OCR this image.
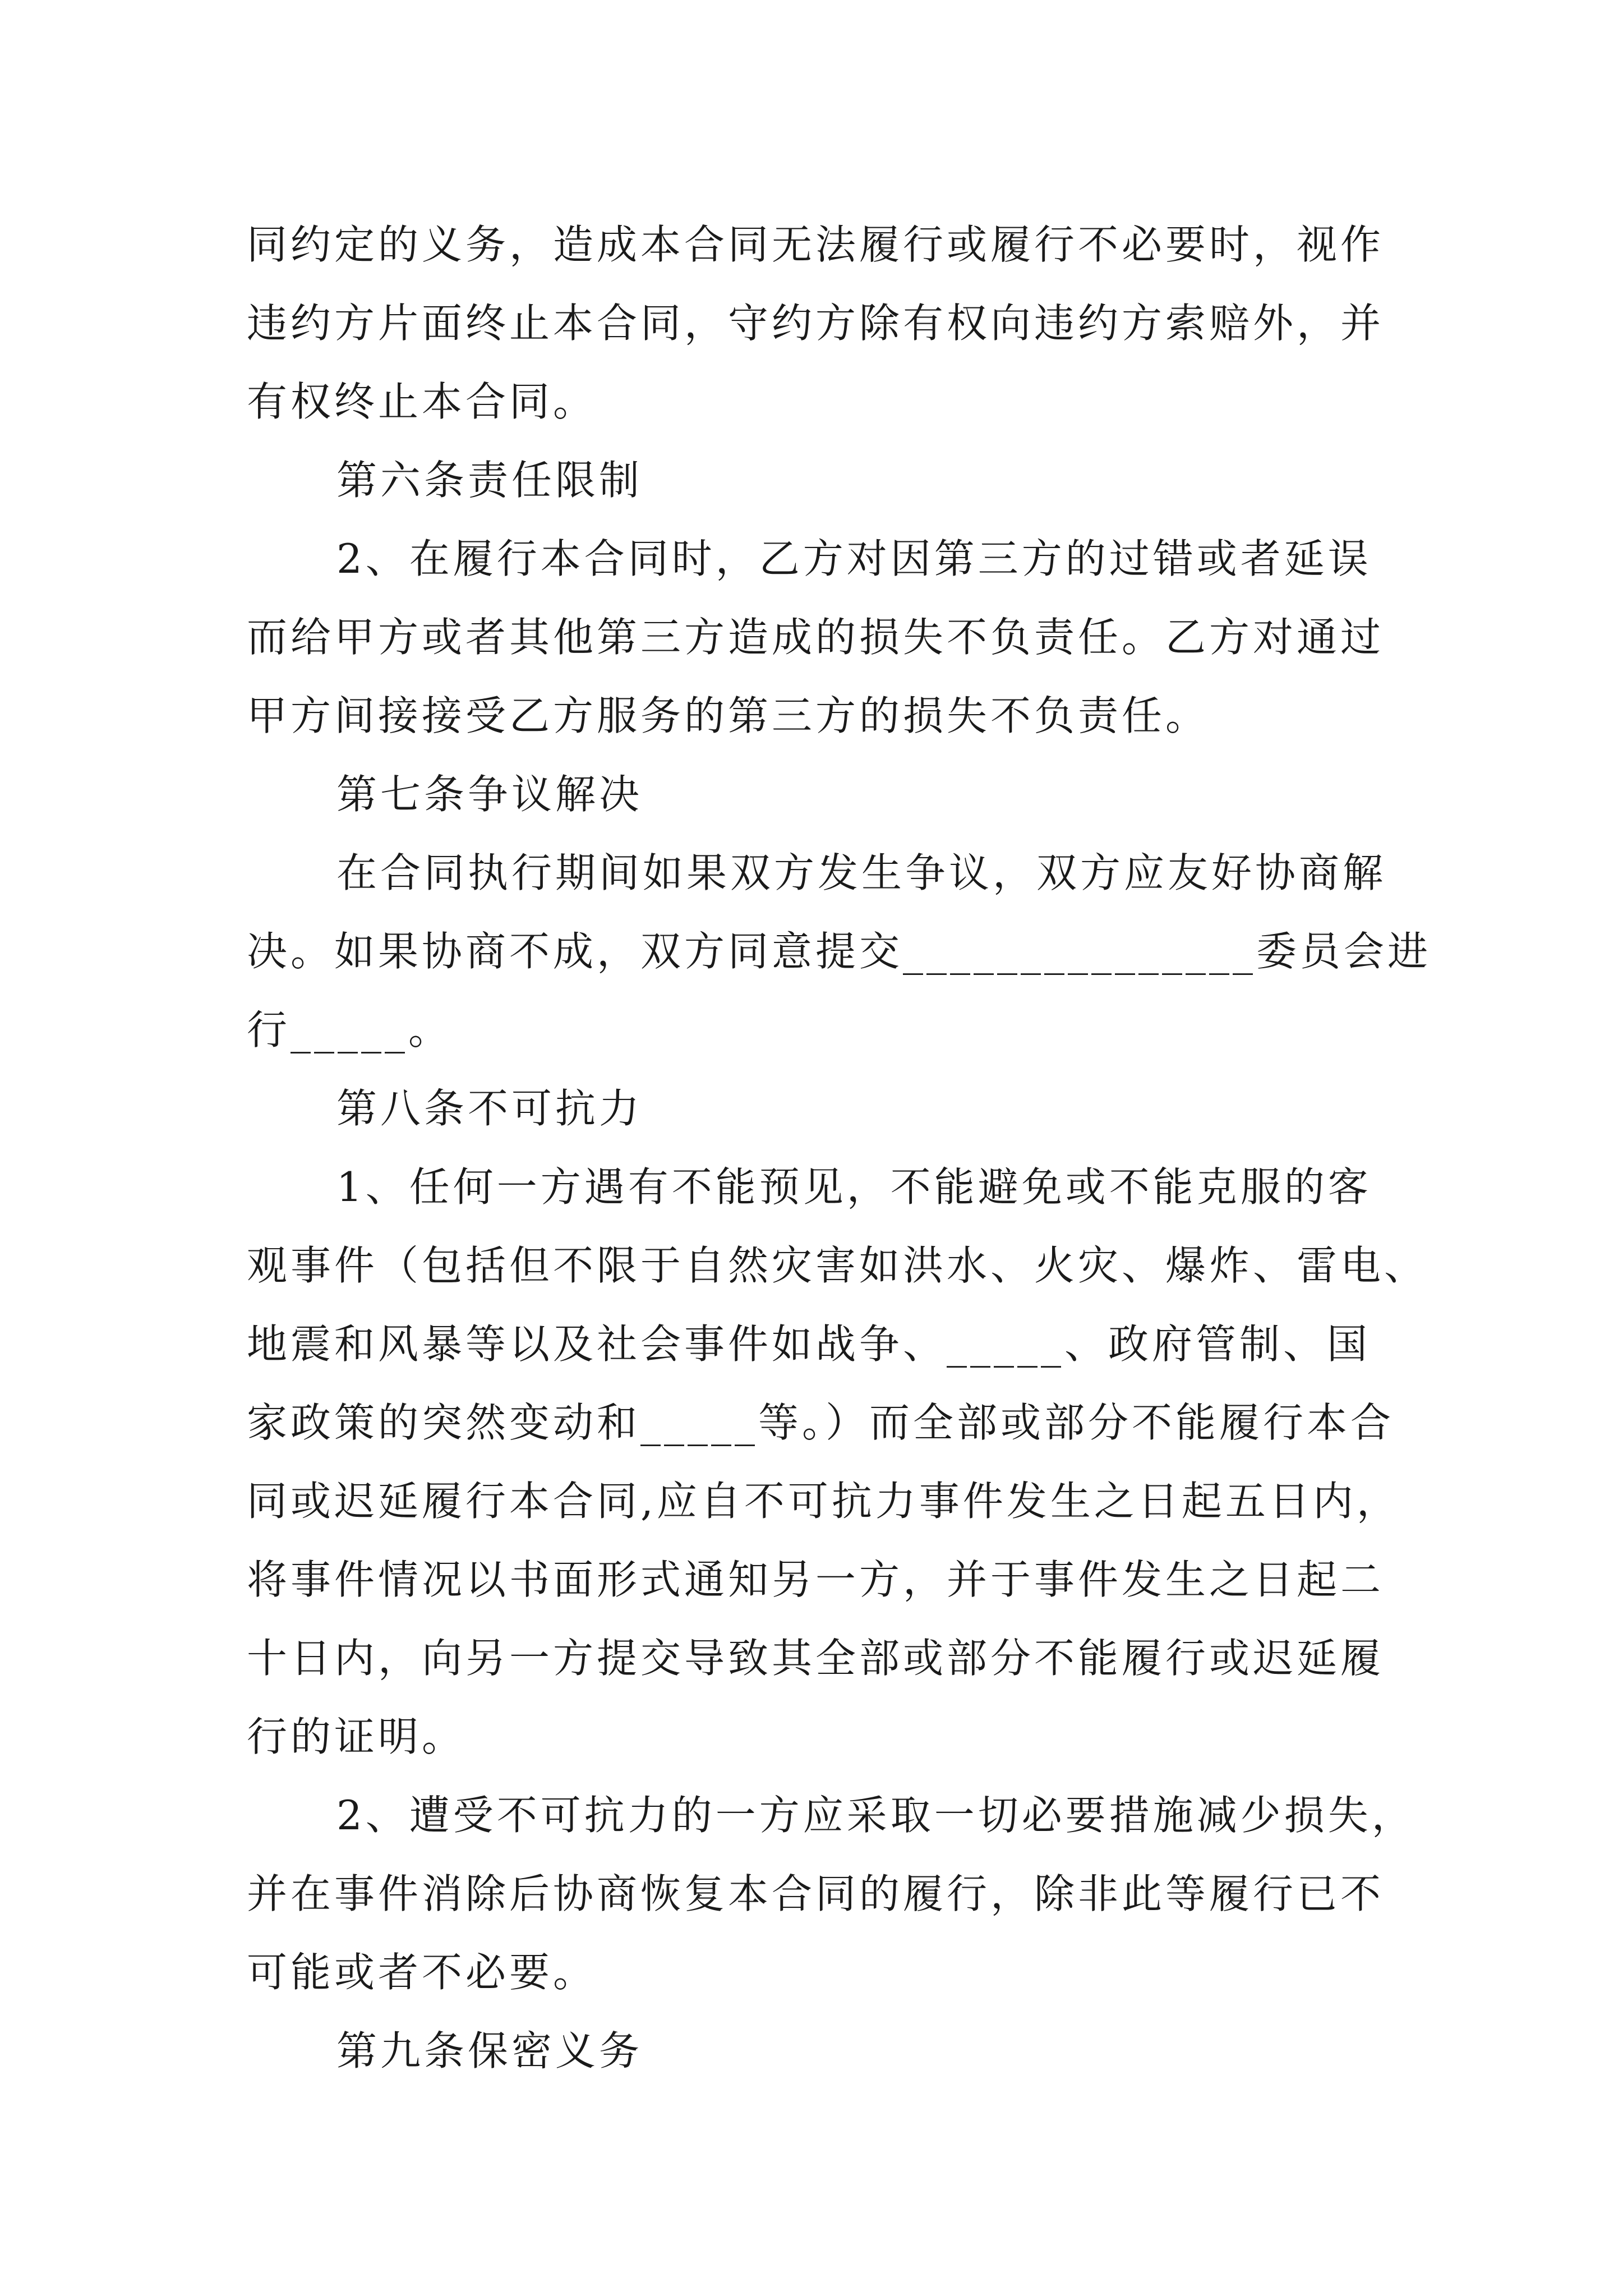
同约定的义务，造成本合同无法履行或履行不必要时，视作
违约方片面终止本合同，守约方除有权向违约方索赔外，并
有权终止本合同。
第六条责任限制
2、在履行本合同时，乙方对因第三方的过错或者延误
而给甲方或者其他第三方造成的损失不负责任。乙方对通过
甲方间接接受乙方服务的第三方的损失不负责任。
第七条争议解决
在合同执行期间如果双方发生争议，双方应友好协商解
决。如果协商不成，双方同意提交_______________委员会进
行_____。
第八条不可抗力
1、任何一方遇有不能预见，不能避免或不能克服的客
观事件（包括但不限于自然灾害如洪水、火灾、爆炸、雷电、
地震和风暴等以及社会事件如战争、_____、政府管制、国
家政策的突然变动和_____等。）而全部或部分不能履行本合
同或迟延履行本合同,应自不可抗力事件发生之日起五日内，
将事件情况以书面形式通知另一方，并于事件发生之日起二
十日内，向另一方提交导致其全部或部分不能履行或迟延履
行的证明。
2、遭受不可抗力的一方应采取一切必要措施减少损失，
并在事件消除后协商恢复本合同的履行，除非此等履行已不
可能或者不必要。
第九条保密义务
